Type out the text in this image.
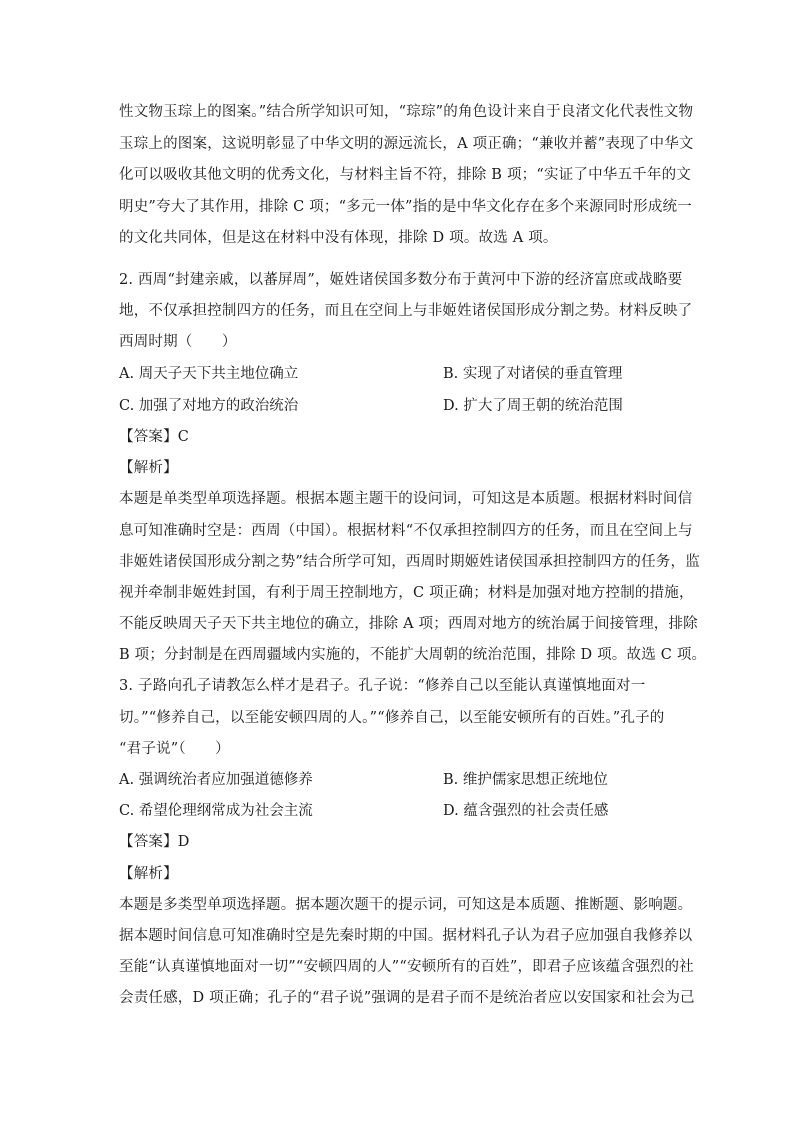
性文物玉琮上的图案。”结合所学知识可知，“琮琮”的角色设计来自于良渚文化代表性文物
玉琮上的图案，这说明彰显了中华文明的源远流长，A 项正确；“兼收并蓄”表现了中华文
化可以吸收其他文明的优秀文化，与材料主旨不符，排除 B 项；“实证了中华五千年的文
明史”夸大了其作用，排除 C 项；“多元一体”指的是中华文化存在多个来源同时形成统一
的文化共同体，但是这在材料中没有体现，排除 D 项。故选 A 项。
2. 西周“封建亲戚，以蕃屏周”，姬姓诸侯国多数分布于黄河中下游的经济富庶或战略要
地，不仅承担控制四方的任务，而且在空间上与非姬姓诸侯国形成分割之势。材料反映了
西周时期（　　）
A. 周天子天下共主地位确立	B. 实现了对诸侯的垂直管理
C. 加强了对地方的政治统治	D. 扩大了周王朝的统治范围
【答案】C
【解析】
本题是单类型单项选择题。根据本题主题干的设问词，可知这是本质题。根据材料时间信
息可知准确时空是：西周（中国）。根据材料“不仅承担控制四方的任务，而且在空间上与
非姬姓诸侯国形成分割之势”结合所学可知，西周时期姬姓诸侯国承担控制四方的任务，监
视并牵制非姬姓封国，有利于周王控制地方，C 项正确；材料是加强对地方控制的措施，
不能反映周天子天下共主地位的确立，排除 A 项；西周对地方的统治属于间接管理，排除
B 项；分封制是在西周疆域内实施的，不能扩大周朝的统治范围，排除 D 项。故选 C 项。
3. 子路向孔子请教怎么样才是君子。孔子说：“修养自己以至能认真谨慎地面对一
切。”“修养自己，以至能安顿四周的人。”“修养自己，以至能安顿所有的百姓。”孔子的
“君子说”（　　）
A. 强调统治者应加强道德修养	B. 维护儒家思想正统地位
C. 希望伦理纲常成为社会主流	D. 蕴含强烈的社会责任感
【答案】D
【解析】
本题是多类型单项选择题。据本题次题干的提示词，可知这是本质题、推断题、影响题。
据本题时间信息可知准确时空是先秦时期的中国。据材料孔子认为君子应加强自我修养以
至能“认真谨慎地面对一切”“安顿四周的人”“安顿所有的百姓”，即君子应该蕴含强烈的社
会责任感，D 项正确；孔子的“君子说”强调的是君子而不是统治者应以安国家和社会为己
